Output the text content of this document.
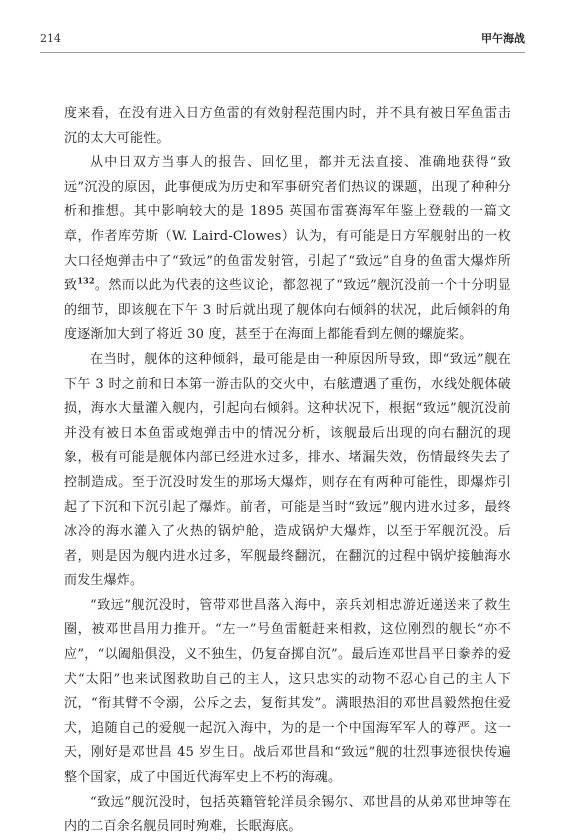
214	甲午海战

度来看，在没有进入日方鱼雷的有效射程范围内时，并不具有被日军鱼雷击沉的太大可能性。

从中日双方当事人的报告、回忆里，都并无法直接、准确地获得“致远”沉没的原因，此事便成为历史和军事研究者们热议的课题，出现了种种分析和推想。其中影响较大的是 1895 英国布雷赛海军年鉴上登载的一篇文章，作者库劳斯（W. Laird-Clowes）认为，有可能是日方军舰射出的一枚大口径炮弹击中了“致远”的鱼雷发射管，引起了“致远”自身的鱼雷大爆炸所致$^{132}$。然而以此为代表的这些议论，都忽视了“致远”舰沉没前一个十分明显的细节，即该舰在下午 3 时后就出现了舰体向右倾斜的状况，此后倾斜的角度逐渐加大到了将近 30 度，甚至于在海面上都能看到左侧的螺旋桨。

在当时，舰体的这种倾斜，最可能是由一种原因所导致，即“致远”舰在下午 3 时之前和日本第一游击队的交火中，右舷遭遇了重伤，水线处舰体破损，海水大量灌入舰内，引起向右倾斜。这种状况下，根据“致远”舰沉没前并没有被日本鱼雷或炮弹击中的情况分析，该舰最后出现的向右翻沉的现象，极有可能是舰体内部已经进水过多，排水、堵漏失效，伤情最终失去了控制造成。至于沉没时发生的那场大爆炸，则存在有两种可能性，即爆炸引起了下沉和下沉引起了爆炸。前者，可能是当时“致远”舰内进水过多，最终冰冷的海水灌入了火热的锅炉舱，造成锅炉大爆炸，以至于军舰沉没。后者，则是因为舰内进水过多，军舰最终翻沉，在翻沉的过程中锅炉接触海水而发生爆炸。

“致远”舰沉没时，管带邓世昌落入海中，亲兵刘相忠游近递送来了救生圈，被邓世昌用力推开。“左一”号鱼雷艇赶来相救，这位刚烈的舰长“亦不应”，“以阖船俱没，义不独生，仍复奋掷自沉”。最后连邓世昌平日豢养的爱犬“太阳”也来试图救助自己的主人，这只忠实的动物不忍心自己的主人下沉，“衔其臂不令溺，公斥之去，复衔其发”。满眼热泪的邓世昌毅然抱住爱犬，追随自己的爱舰一起沉入海中，为的是一个中国海军军人的尊严。这一天，刚好是邓世昌 45 岁生日。战后邓世昌和“致远”舰的壮烈事迹很快传遍整个国家，成了中国近代海军史上不朽的海魂。

“致远”舰沉没时，包括英籍管轮洋员余锡尔、邓世昌的从弟邓世坤等在内的二百余名舰员同时殉难，长眠海底。
